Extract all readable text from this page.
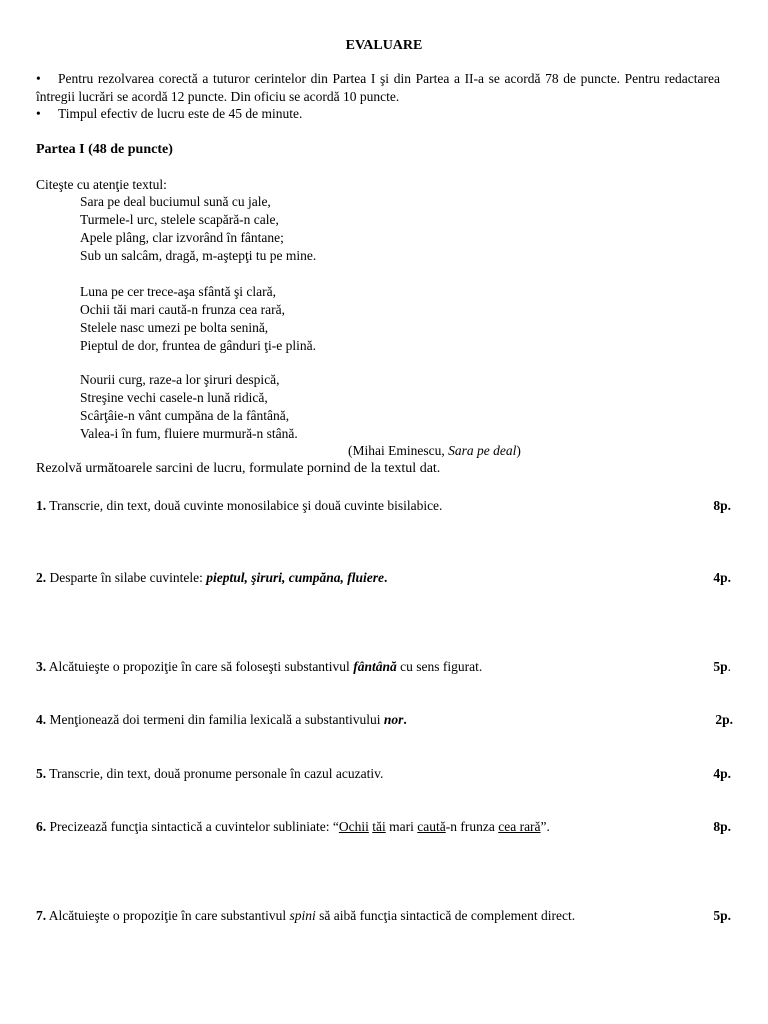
EVALUARE

• Pentru rezolvarea corectă a tuturor cerintelor din Partea I şi din Partea a II-a se acordă 78 de puncte. Pentru redactarea întregii lucrări se acordă 12 puncte. Din oficiu se acordă 10 puncte.

• Timpul efectiv de lucru este de 45 de minute.

Partea I (48 de puncte)
Citeşte cu atenţie textul:
Sara pe deal buciumul sună cu jale,
Turmele-l urc, stelele scapără-n cale,
Apele plâng, clar izvorând în fântane;
Sub un salcâm, dragă, m-aştepţi tu pe mine.
Luna pe cer trece-aşa sfântă şi clară,
Ochii tăi mari caută-n frunza cea rară,
Stelele nasc umezi pe bolta senină,
Pieptul de dor, fruntea de gânduri ţi-e plină.
Nourii curg, raze-a lor şiruri despică,
Streşine vechi casele-n lună ridică,
Scârţâie-n vânt cumpăna de la fântână,
Valea-i în fum, fluiere murmură-n stână.
(Mihai Eminescu, Sara pe deal)
Rezolvă următoarele sarcini de lucru, formulate pornind de la textul dat.
1. Transcrie, din text, două cuvinte monosilabice şi două cuvinte bisilabice.	8p.
2. Desparte în silabe cuvintele: pieptul, şiruri, cumpăna, fluiere.	4p.
3. Alcătuieşte o propoziţie în care să foloseşti substantivul fântână cu sens figurat.	5p.
4. Menţionează doi termeni din familia lexicală a substantivului nor.	2p.
5. Transcrie, din text, două pronume personale în cazul acuzativ.	4p.
6. Precizează funcţia sintactică a cuvintelor subliniate: “Ochii tăi mari caută-n frunza cea rară”.	8p.
7. Alcătuieşte o propoziţie în care substantivul spini să aibă funcţia sintactică de complement direct.	5p.
